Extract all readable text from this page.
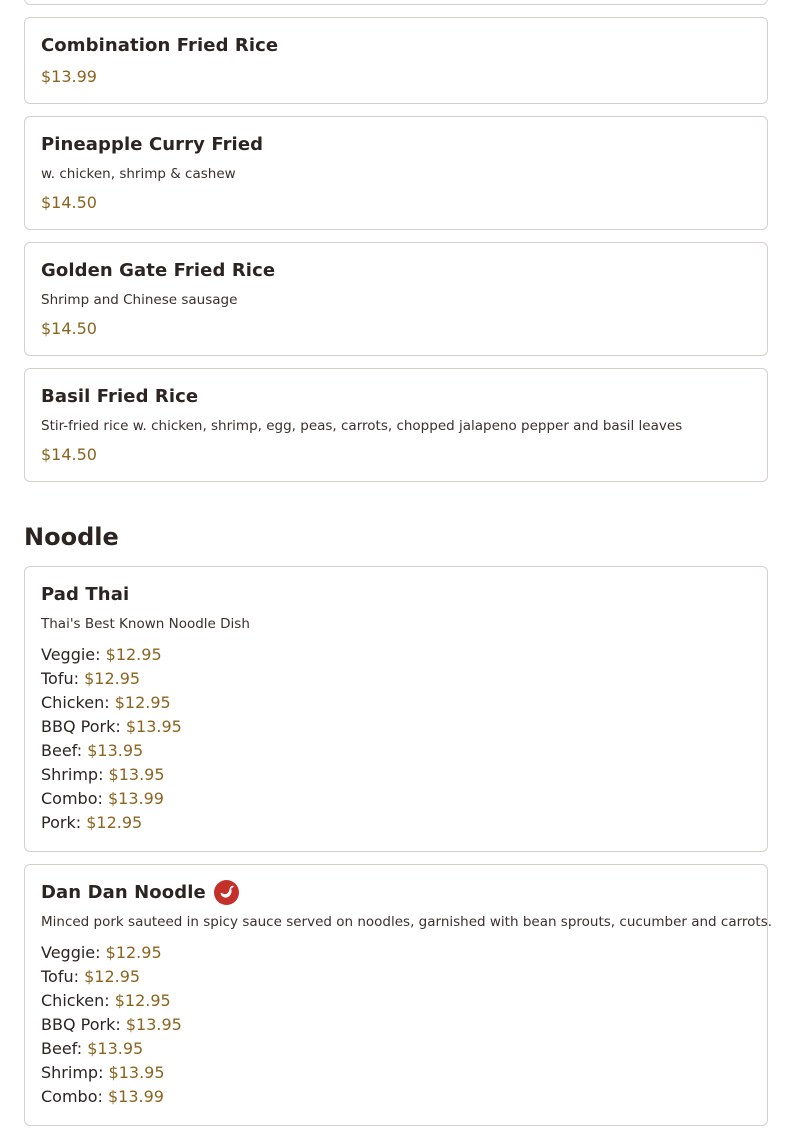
Combination Fried Rice
$13.99
Pineapple Curry Fried
w. chicken, shrimp & cashew
$14.50
Golden Gate Fried Rice
Shrimp and Chinese sausage
$14.50
Basil Fried Rice
Stir-fried rice w. chicken, shrimp, egg, peas, carrots, chopped jalapeno pepper and basil leaves
$14.50
Noodle
Pad Thai
Thai's Best Known Noodle Dish
Veggie: $12.95
Tofu: $12.95
Chicken: $12.95
BBQ Pork: $13.95
Beef: $13.95
Shrimp: $13.95
Combo: $13.99
Pork: $12.95
Dan Dan Noodle
Minced pork sauteed in spicy sauce served on noodles, garnished with bean sprouts, cucumber and carrots.
Veggie: $12.95
Tofu: $12.95
Chicken: $12.95
BBQ Pork: $13.95
Beef: $13.95
Shrimp: $13.95
Combo: $13.99
